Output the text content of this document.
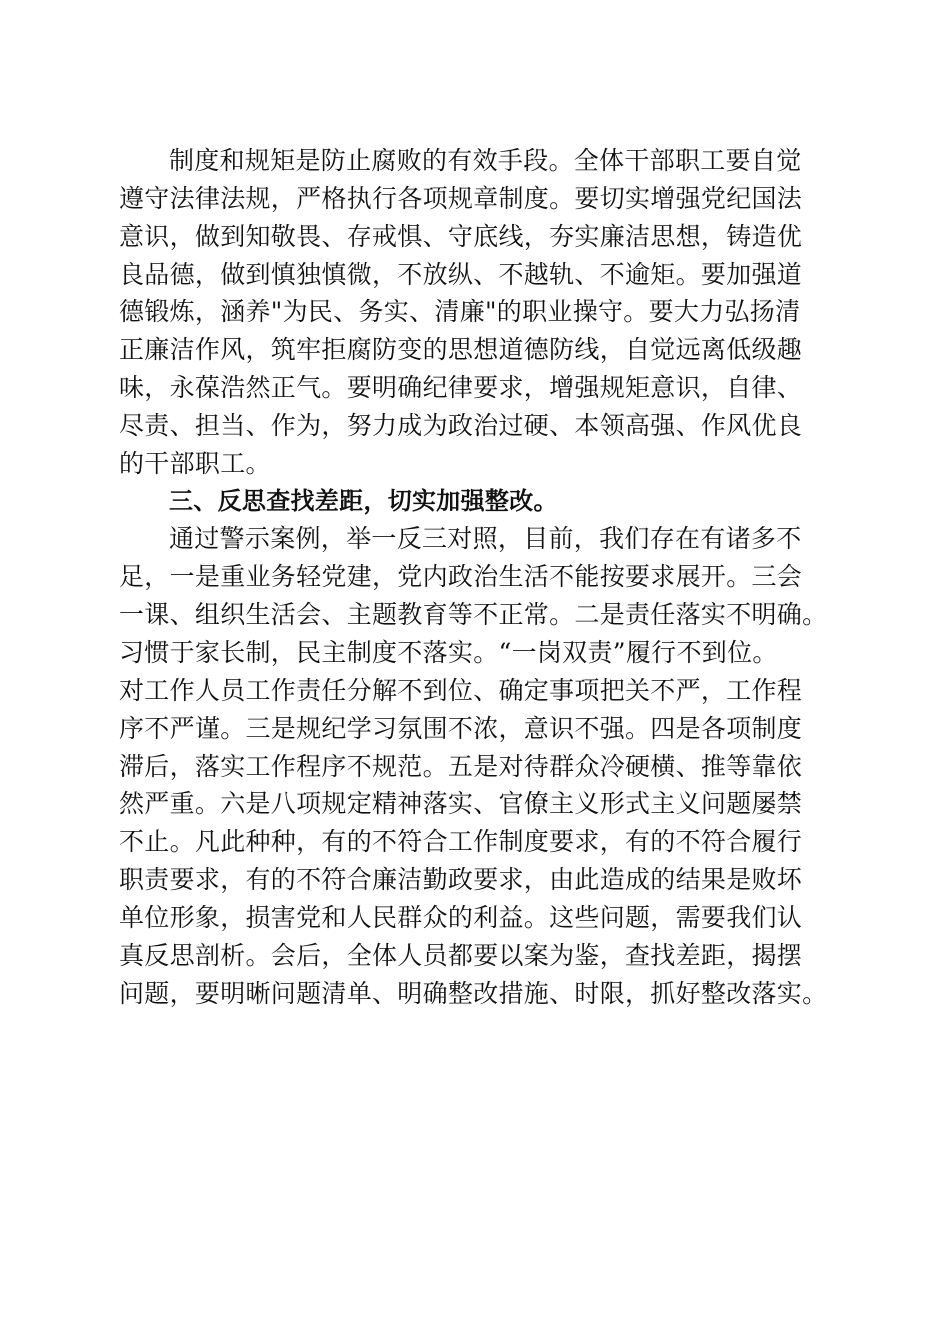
制度和规矩是防止腐败的有效手段。全体干部职工要自觉
遵守法律法规，严格执行各项规章制度。要切实增强党纪国法
意识，做到知敬畏、存戒惧、守底线，夯实廉洁思想，铸造优
良品德，做到慎独慎微，不放纵、不越轨、不逾矩。要加强道
德锻炼，涵养"为民、务实、清廉"的职业操守。要大力弘扬清
正廉洁作风，筑牢拒腐防变的思想道德防线，自觉远离低级趣
味，永葆浩然正气。要明确纪律要求，增强规矩意识，自律、
尽责、担当、作为，努力成为政治过硬、本领高强、作风优良
的干部职工。
三、反思查找差距，切实加强整改。
通过警示案例，举一反三对照，目前，我们存在有诸多不
足，一是重业务轻党建，党内政治生活不能按要求展开。三会
一课、组织生活会、主题教育等不正常。二是责任落实不明确。
习惯于家长制，民主制度不落实。“一岗双责”履行不到位。
对工作人员工作责任分解不到位、确定事项把关不严，工作程
序不严谨。三是规纪学习氛围不浓，意识不强。四是各项制度
滞后，落实工作程序不规范。五是对待群众冷硬横、推等靠依
然严重。六是八项规定精神落实、官僚主义形式主义问题屡禁
不止。凡此种种，有的不符合工作制度要求，有的不符合履行
职责要求，有的不符合廉洁勤政要求，由此造成的结果是败坏
单位形象，损害党和人民群众的利益。这些问题，需要我们认
真反思剖析。会后，全体人员都要以案为鉴，查找差距，揭摆
问题，要明晰问题清单、明确整改措施、时限，抓好整改落实。
